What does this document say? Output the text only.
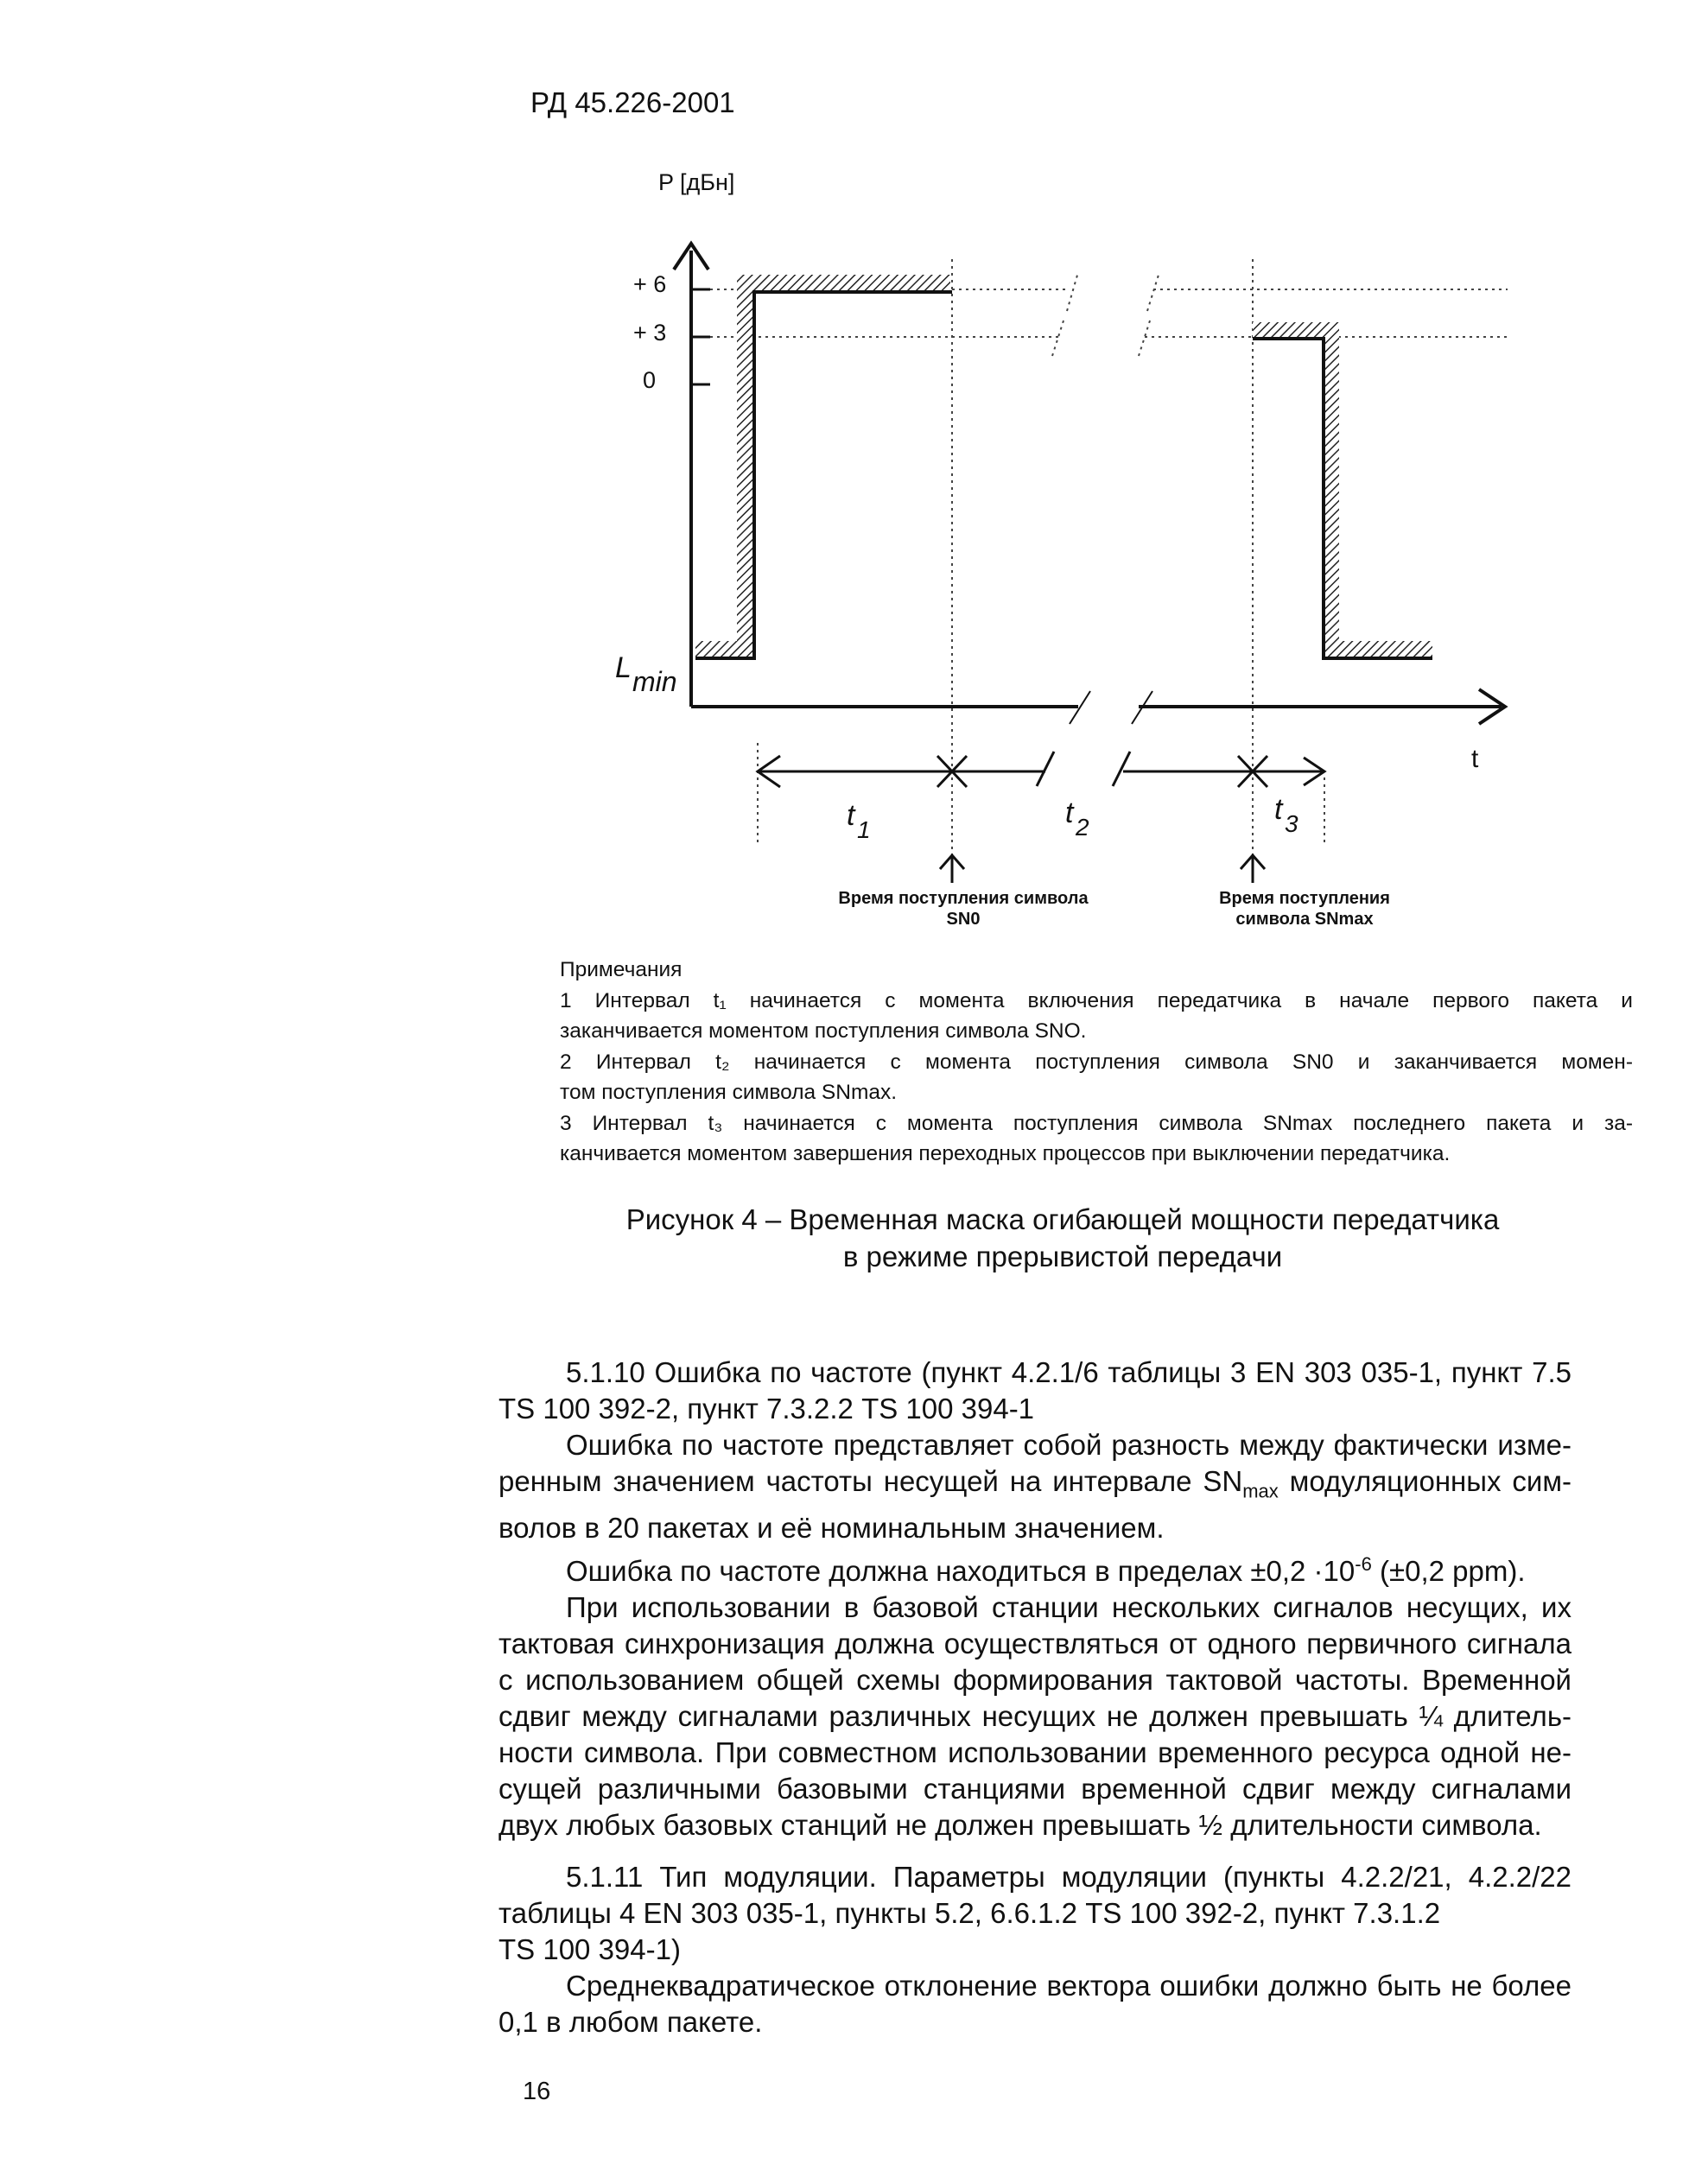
РД 45.226-2001
P [дБн]
+ 6
+ 3
0
L min
t
t 1
t 2
t 3
Время поступления символа
SN0
Время поступления
символа SNmax
Примечания
1 Интервал t₁ начинается с момента включения передатчика в начале первого пакета и
заканчивается моментом поступления символа SNO.
2 Интервал t₂ начинается с момента поступления символа SN0 и заканчивается момен-
том поступления символа SNmax.
3 Интервал t₃ начинается с момента поступления символа SNmax последнего пакета и за-
канчивается моментом завершения переходных процессов при выключении передатчика.
Рисунок 4 – Временная маска огибающей мощности передатчика
в режиме прерывистой передачи
5.1.10 Ошибка по частоте (пункт 4.2.1/6 таблицы 3 EN 303 035-1, пункт 7.5
TS 100 392-2, пункт 7.3.2.2 TS 100 394-1
Ошибка по частоте представляет собой разность между фактически изме-
ренным значением частоты несущей на интервале $SN_{max}$ модуляционных сим-
волов в 20 пакетах и её номинальным значением.
Ошибка по частоте должна находиться в пределах $\pm 0,2 \cdot 10^{-6}$ (±0,2 ppm).
При использовании в базовой станции нескольких сигналов несущих, их
тактовая синхронизация должна осуществляться от одного первичного сигнала
с использованием общей схемы формирования тактовой частоты. Временной
сдвиг между сигналами различных несущих не должен превышать ¼ длитель-
ности символа. При совместном использовании временного ресурса одной не-
сущей различными базовыми станциями временной сдвиг между сигналами
двух любых базовых станций не должен превышать ½ длительности символа.
5.1.11 Тип модуляции. Параметры модуляции (пункты 4.2.2/21, 4.2.2/22
таблицы 4 EN 303 035-1, пункты 5.2, 6.6.1.2 TS 100 392-2, пункт 7.3.1.2
TS 100 394-1)
Среднеквадратическое отклонение вектора ошибки должно быть не более
0,1 в любом пакете.
16
